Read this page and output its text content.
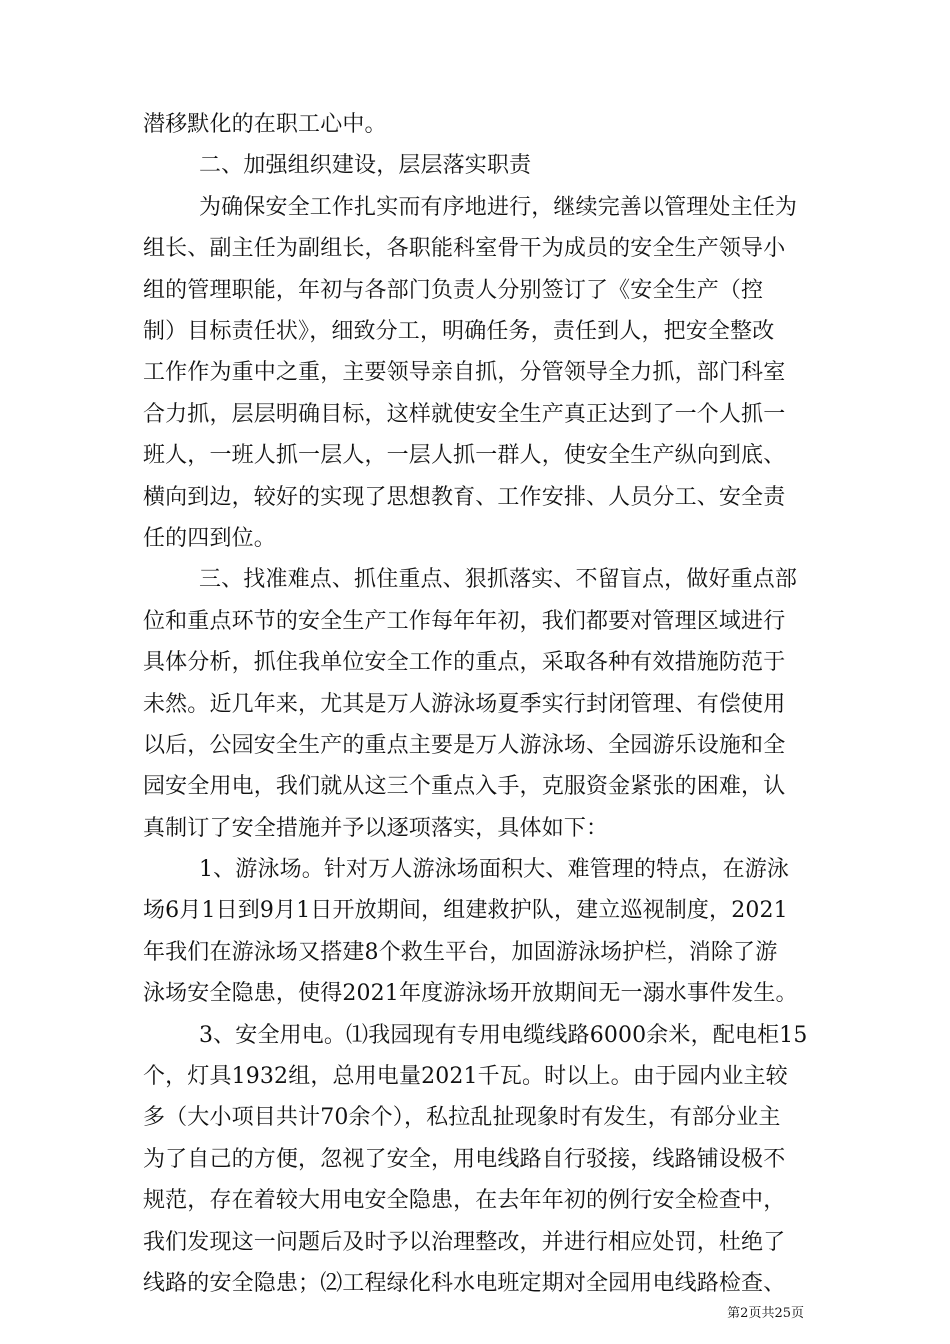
潜移默化的在职工心中。
二、加强组织建设，层层落实职责
为确保安全工作扎实而有序地进行，继续完善以管理处主任为
组长、副主任为副组长，各职能科室骨干为成员的安全生产领导小
组的管理职能，年初与各部门负责人分别签订了《安全生产（控
制）目标责任状》，细致分工，明确任务，责任到人，把安全整改
工作作为重中之重，主要领导亲自抓，分管领导全力抓，部门科室
合力抓，层层明确目标，这样就使安全生产真正达到了一个人抓一
班人，一班人抓一层人，一层人抓一群人，使安全生产纵向到底、
横向到边，较好的实现了思想教育、工作安排、人员分工、安全责
任的四到位。
三、找准难点、抓住重点、狠抓落实、不留盲点，做好重点部
位和重点环节的安全生产工作每年年初，我们都要对管理区域进行
具体分析，抓住我单位安全工作的重点，采取各种有效措施防范于
未然。近几年来，尤其是万人游泳场夏季实行封闭管理、有偿使用
以后，公园安全生产的重点主要是万人游泳场、全园游乐设施和全
园安全用电，我们就从这三个重点入手，克服资金紧张的困难，认
真制订了安全措施并予以逐项落实，具体如下：
1、游泳场。针对万人游泳场面积大、难管理的特点，在游泳
场6月1日到9月1日开放期间，组建救护队，建立巡视制度，2021
年我们在游泳场又搭建8个救生平台，加固游泳场护栏，消除了游
泳场安全隐患，使得2021年度游泳场开放期间无一溺水事件发生。
3、安全用电。⑴我园现有专用电缆线路6000余米，配电柜15
个，灯具1932组，总用电量2021千瓦。时以上。由于园内业主较
多（大小项目共计70余个），私拉乱扯现象时有发生，有部分业主
为了自己的方便，忽视了安全，用电线路自行驳接，线路铺设极不
规范，存在着较大用电安全隐患，在去年年初的例行安全检查中，
我们发现这一问题后及时予以治理整改，并进行相应处罚，杜绝了
第2页共25页
线路的安全隐患；⑵工程绿化科水电班定期对全园用电线路检查、
